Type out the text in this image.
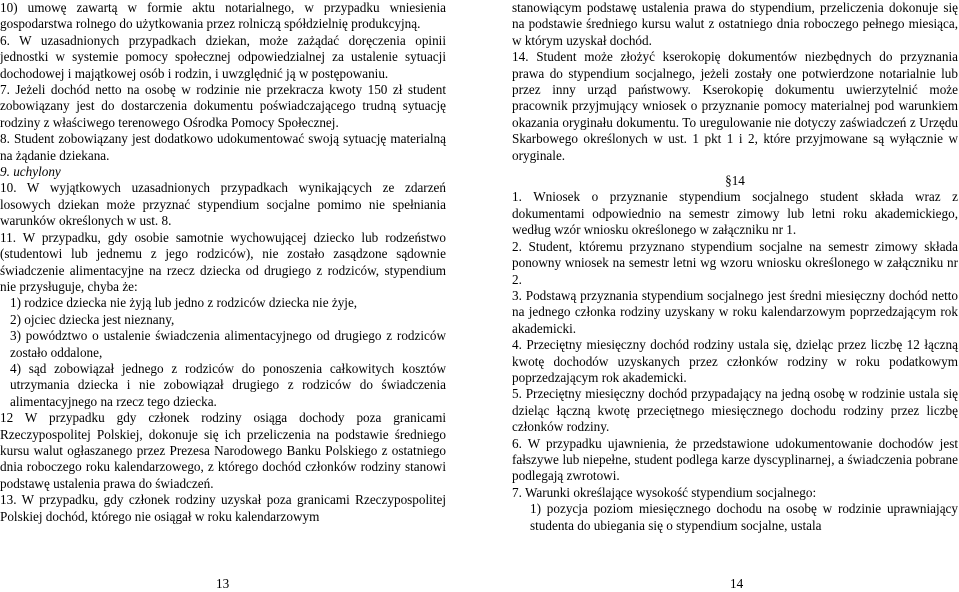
10) umowę zawartą w formie aktu notarialnego, w przypadku wniesienia gospodarstwa rolnego do użytkowania przez rolniczą spółdzielnię produkcyjną.

6. W uzasadnionych przypadkach dziekan, może zażądać doręczenia opinii jednostki w systemie pomocy społecznej odpowiedzialnej za ustalenie sytuacji dochodowej i majątkowej osób i rodzin, i uwzględnić ją w postępowaniu.

7. Jeżeli dochód netto na osobę w rodzinie nie przekracza kwoty 150 zł student zobowiązany jest do dostarczenia dokumentu poświadczającego trudną sytuację rodziny z właściwego terenowego Ośrodka Pomocy Społecznej.

8. Student zobowiązany jest dodatkowo udokumentować swoją sytuację materialną na żądanie dziekana.

9. uchylony

10. W wyjątkowych uzasadnionych przypadkach wynikających ze zdarzeń losowych dziekan może przyznać stypendium socjalne pomimo nie spełniania warunków określonych w ust. 8.

11. W przypadku, gdy osobie samotnie wychowującej dziecko lub rodzeństwo (studentowi lub jednemu z jego rodziców), nie zostało zasądzone sądownie świadczenie alimentacyjne na rzecz dziecka od drugiego z rodziców, stypendium nie przysługuje, chyba że:

1) rodzice dziecka nie żyją lub jedno z rodziców dziecka nie żyje,

2) ojciec dziecka jest nieznany,

3) powództwo o ustalenie świadczenia alimentacyjnego od drugiego z rodziców zostało oddalone,

4) sąd zobowiązał jednego z rodziców do ponoszenia całkowitych kosztów utrzymania dziecka i nie zobowiązał drugiego z rodziców do świadczenia alimentacyjnego na rzecz tego dziecka.

12 W przypadku gdy członek rodziny osiąga dochody poza granicami Rzeczypospolitej Polskiej, dokonuje się ich przeliczenia na podstawie średniego kursu walut ogłaszanego przez Prezesa Narodowego Banku Polskiego z ostatniego dnia roboczego roku kalendarzowego, z którego dochód członków rodziny stanowi podstawę ustalenia prawa do świadczeń.

13. W przypadku, gdy członek rodziny uzyskał poza granicami Rzeczypospolitej Polskiej dochód, którego nie osiągał w roku kalendarzowym

stanowiącym podstawę ustalenia prawa do stypendium, przeliczenia dokonuje się na podstawie średniego kursu walut z ostatniego dnia roboczego pełnego miesiąca, w którym uzyskał dochód.

14. Student może złożyć kserokopię dokumentów niezbędnych do przyznania prawa do stypendium socjalnego, jeżeli zostały one potwierdzone notarialnie lub przez inny urząd państwowy. Kserokopię dokumentu uwierzytelnić może pracownik przyjmujący wniosek o przyznanie pomocy materialnej pod warunkiem okazania oryginału dokumentu. To uregulowanie nie dotyczy zaświadczeń z Urzędu Skarbowego określonych w ust. 1 pkt 1 i 2, które przyjmowane są wyłącznie w oryginale.

§14

1. Wniosek o przyznanie stypendium socjalnego student składa wraz z dokumentami odpowiednio na semestr zimowy lub letni roku akademickiego, według wzór wniosku określonego w załączniku nr 1.

2. Student, któremu przyznano stypendium socjalne na semestr zimowy składa ponowny wniosek na semestr letni wg wzoru wniosku określonego w załączniku nr 2.

3. Podstawą przyznania stypendium socjalnego jest średni miesięczny dochód netto na jednego członka rodziny uzyskany w roku kalendarzowym poprzedzającym rok akademicki.

4. Przeciętny miesięczny dochód rodziny ustala się, dzieląc przez liczbę 12 łączną kwotę dochodów uzyskanych przez członków rodziny w roku podatkowym poprzedzającym rok akademicki.

5. Przeciętny miesięczny dochód przypadający na jedną osobę w rodzinie ustala się dzieląc łączną kwotę przeciętnego miesięcznego dochodu rodziny przez liczbę członków rodziny.

6. W przypadku ujawnienia, że przedstawione udokumentowanie dochodów jest fałszywe lub niepełne, student podlega karze dyscyplinarnej, a świadczenia pobrane podlegają zwrotowi.

7. Warunki określające wysokość stypendium socjalnego:

1) pozycja poziom miesięcznego dochodu na osobę w rodzinie uprawniający studenta do ubiegania się o stypendium socjalne, ustala

13	14
